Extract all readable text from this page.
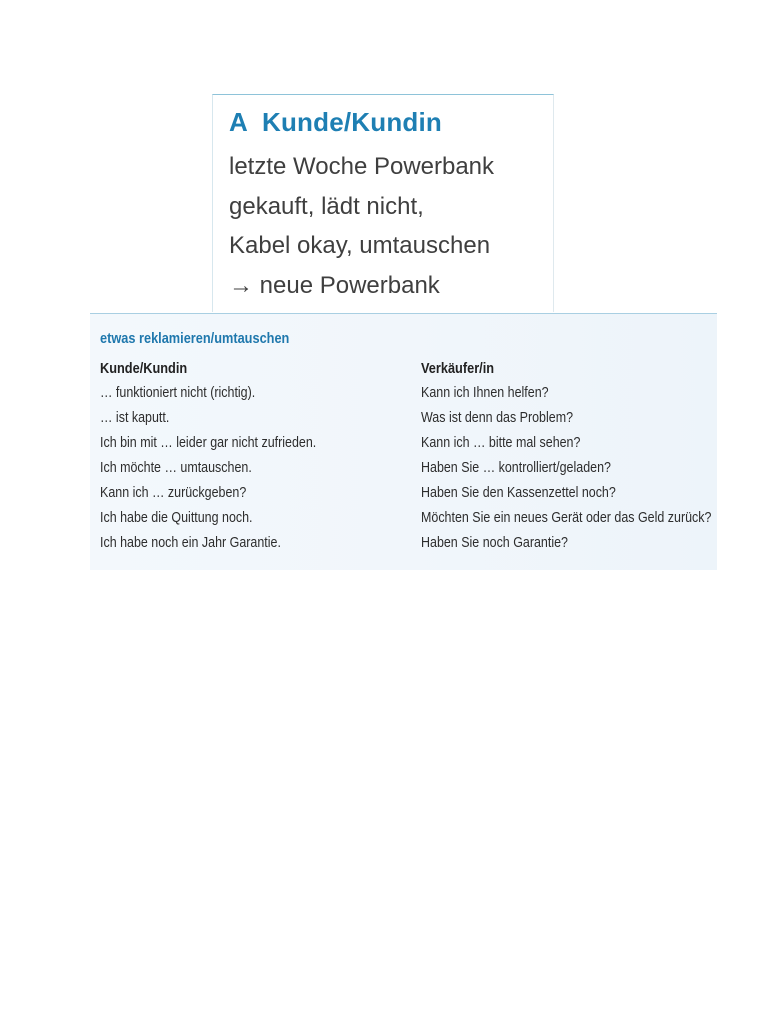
A Kunde/Kundin
letzte Woche Powerbank
gekauft, lädt nicht,
Kabel okay, umtauschen
→ neue Powerbank
etwas reklamieren/umtauschen
Kunde/Kundin
… funktioniert nicht (richtig).
… ist kaputt.
Ich bin mit … leider gar nicht zufrieden.
Ich möchte … umtauschen.
Kann ich … zurückgeben?
Ich habe die Quittung noch.
Ich habe noch ein Jahr Garantie.
Verkäufer/in
Kann ich Ihnen helfen?
Was ist denn das Problem?
Kann ich … bitte mal sehen?
Haben Sie … kontrolliert/geladen?
Haben Sie den Kassenzettel noch?
Möchten Sie ein neues Gerät oder das Geld zurück?
Haben Sie noch Garantie?
